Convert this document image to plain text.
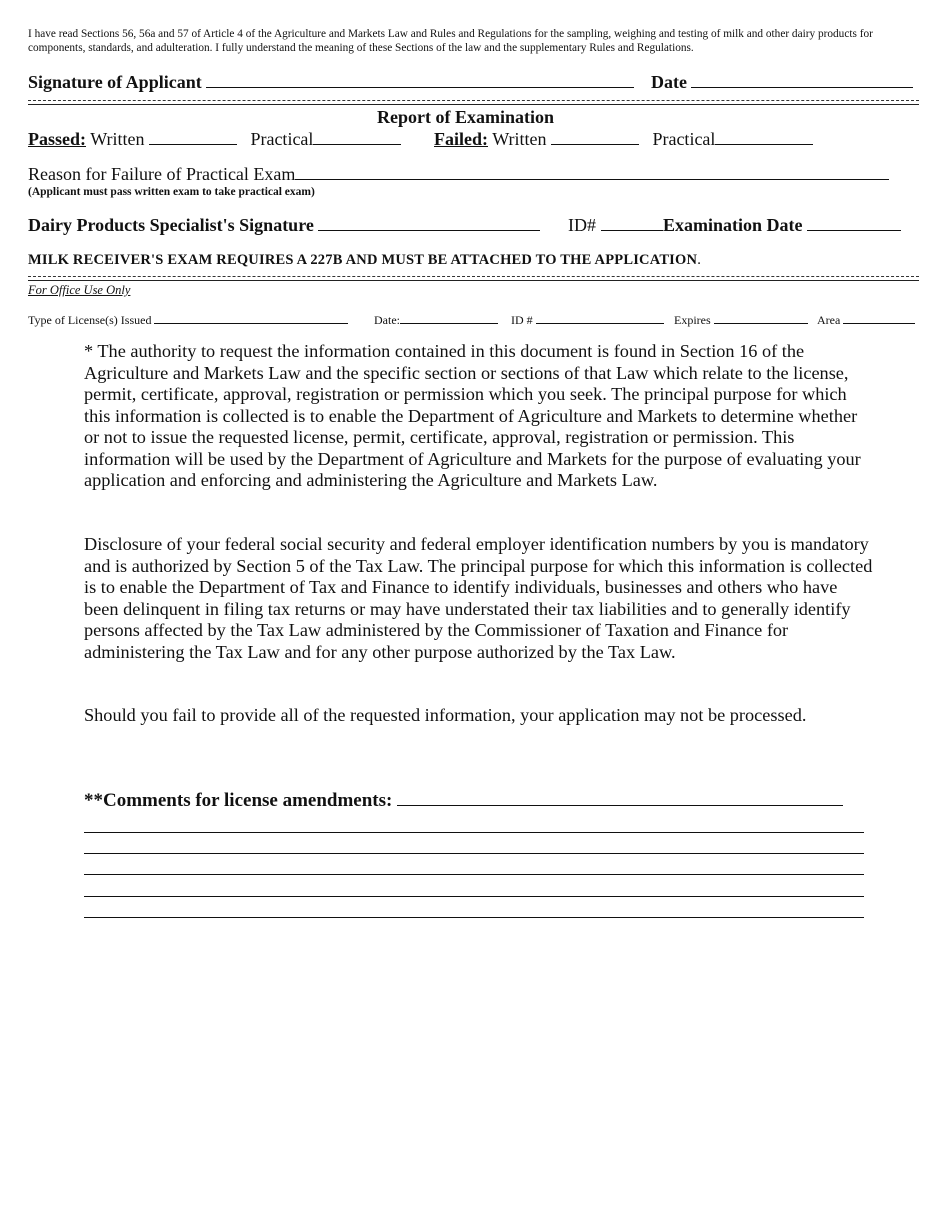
I have read Sections 56, 56a and 57 of Article 4 of the Agriculture and Markets Law and Rules and Regulations for the sampling, weighing and testing of milk and other dairy products for components, standards, and adulteration. I fully understand the meaning of these Sections of the law and the supplementary Rules and Regulations.
Signature of Applicant	Date
Report of Examination
Passed: Written	Practical	Failed: Written	Practical
Reason for Failure of Practical Exam
(Applicant must pass written exam to take practical exam)
Dairy Products Specialist's Signature	ID#	Examination Date
MILK RECEIVER'S EXAM REQUIRES A 227B AND MUST BE ATTACHED TO THE APPLICATION.
For Office Use Only
Type of License(s) Issued	Date:	ID #	Expires	Area
* The authority to request the information contained in this document is found in Section 16 of the Agriculture and Markets Law and the specific section or sections of that Law which relate to the license, permit, certificate, approval, registration or permission which you seek. The principal purpose for which this information is collected is to enable the Department of Agriculture and Markets to determine whether or not to issue the requested license, permit, certificate, approval, registration or permission. This information will be used by the Department of Agriculture and Markets for the purpose of evaluating your application and enforcing and administering the Agriculture and Markets Law.
Disclosure of your federal social security and federal employer identification numbers by you is mandatory and is authorized by Section 5 of the Tax Law. The principal purpose for which this information is collected is to enable the Department of Tax and Finance to identify individuals, businesses and others who have been delinquent in filing tax returns or may have understated their tax liabilities and to generally identify persons affected by the Tax Law administered by the Commissioner of Taxation and Finance for administering the Tax Law and for any other purpose authorized by the Tax Law.
Should you fail to provide all of the requested information, your application may not be processed.
**Comments for license amendments:
